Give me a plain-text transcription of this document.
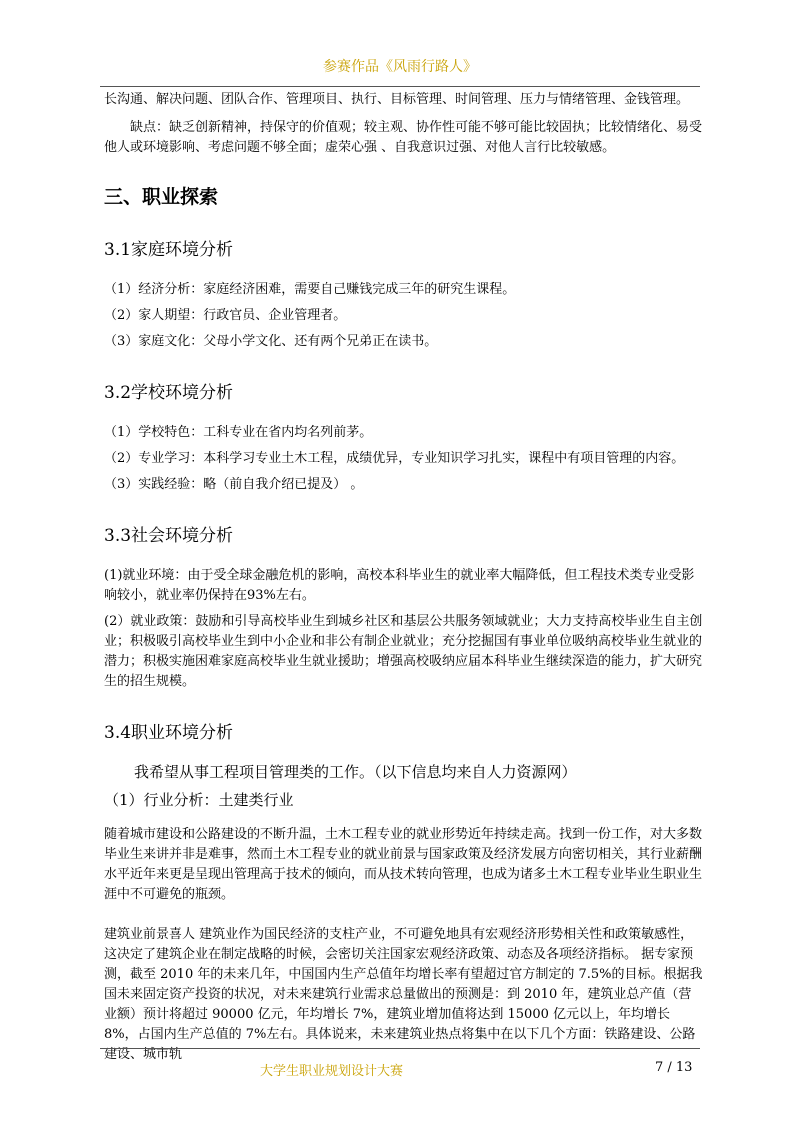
参赛作品《风雨行路人》

长沟通、解决问题、团队合作、管理项目、执行、目标管理、时间管理、压力与情绪管理、金钱管理。

缺点：缺乏创新精神，持保守的价值观；较主观、协作性可能不够可能比较固执；比较情绪化、易受他人或环境影响、考虑问题不够全面；虚荣心强 、自我意识过强、对他人言行比较敏感。

三、职业探索

3.1家庭环境分析

（1）经济分析：家庭经济困难，需要自己赚钱完成三年的研究生课程。

（2）家人期望：行政官员、企业管理者。

（3）家庭文化：父母小学文化、还有两个兄弟正在读书。

3.2学校环境分析

（1）学校特色：工科专业在省内均名列前茅。

（2）专业学习：本科学习专业土木工程，成绩优异，专业知识学习扎实，课程中有项目管理的内容。

（3）实践经验：略（前自我介绍已提及） 。

3.3社会环境分析

(1)就业环境：由于受全球金融危机的影响，高校本科毕业生的就业率大幅降低，但工程技术类专业受影响较小，就业率仍保持在93%左右。

(2）就业政策：鼓励和引导高校毕业生到城乡社区和基层公共服务领域就业；大力支持高校毕业生自主创业；积极吸引高校毕业生到中小企业和非公有制企业就业；充分挖掘国有事业单位吸纳高校毕业生就业的潜力；积极实施困难家庭高校毕业生就业援助；增强高校吸纳应届本科毕业生继续深造的能力，扩大研究生的招生规模。

3.4职业环境分析

我希望从事工程项目管理类的工作。（以下信息均来自人力资源网）

（1）行业分析：土建类行业

随着城市建设和公路建设的不断升温，土木工程专业的就业形势近年持续走高。找到一份工作，对大多数毕业生来讲并非是难事，然而土木工程专业的就业前景与国家政策及经济发展方向密切相关，其行业薪酬水平近年来更是呈现出管理高于技术的倾向，而从技术转向管理，也成为诸多土木工程专业毕业生职业生涯中不可避免的瓶颈。

建筑业前景喜人 建筑业作为国民经济的支柱产业，不可避免地具有宏观经济形势相关性和政策敏感性，这决定了建筑企业在制定战略的时候，会密切关注国家宏观经济政策、动态及各项经济指标。 据专家预测，截至 2010 年的未来几年，中国国内生产总值年均增长率有望超过官方制定的 7.5%的目标。根据我国未来固定资产投资的状况，对未来建筑行业需求总量做出的预测是：到 2010 年，建筑业总产值（营业额）预计将超过 90000 亿元，年均增长 7%，建筑业增加值将达到 15000 亿元以上，年均增长 8%，占国内生产总值的 7%左右。具体说来，未来建筑业热点将集中在以下几个方面：铁路建设、公路建设、城市轨

大学生职业规划设计大赛	7 / 13
